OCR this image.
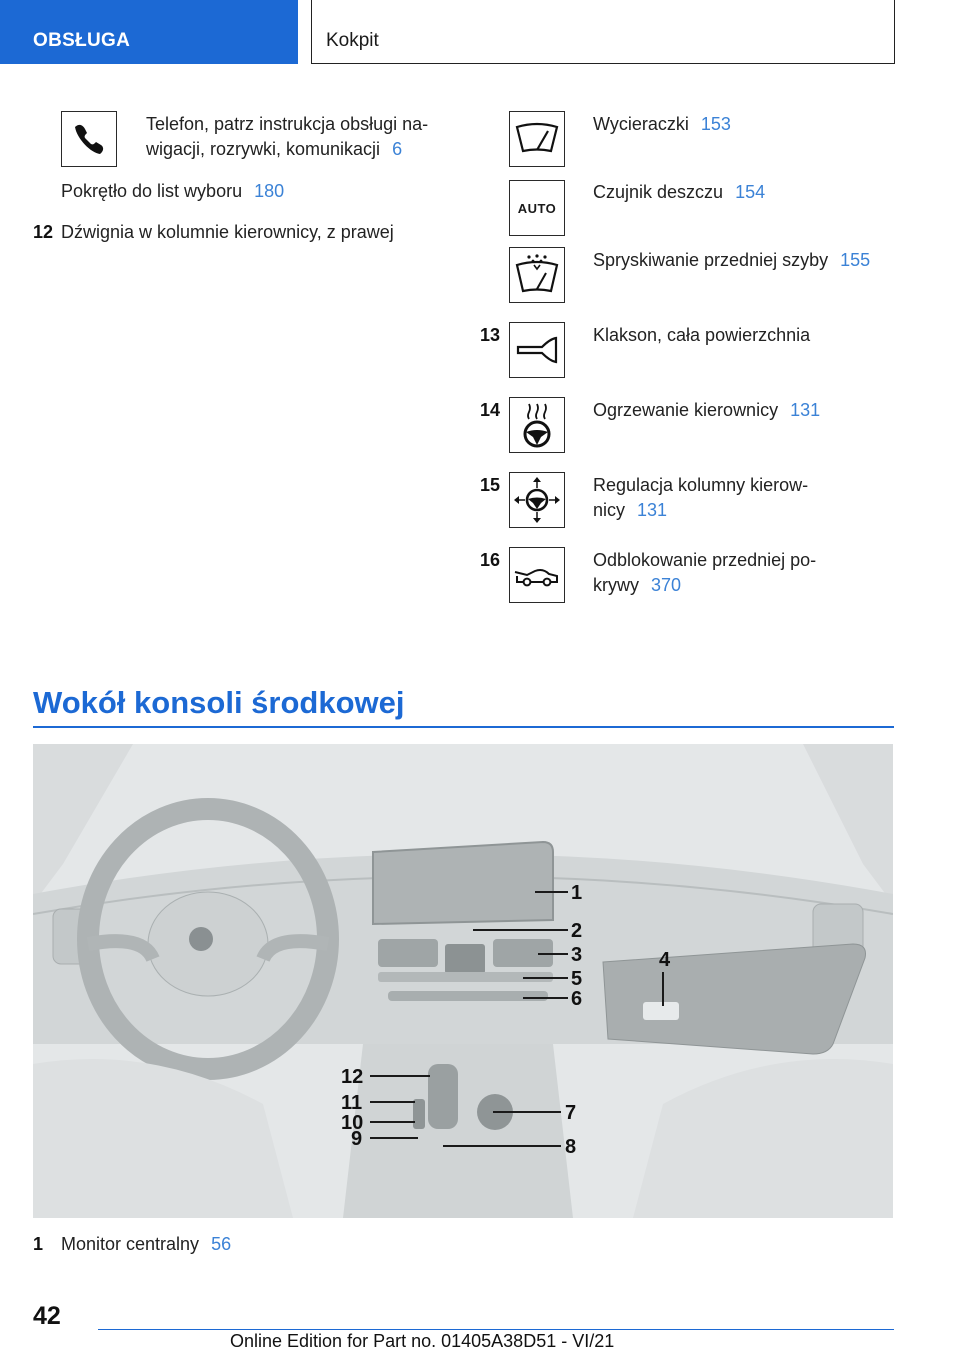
OBSŁUGA	Kokpit
Telefon, patrz instrukcja obsługi na-
wigacji, rozrywki, komunikacji 6
Pokrętło do list wyboru 180
12 Dźwignia w kolumnie kierownicy, z prawej
Wycieraczki 153
AUTO
Czujnik deszczu 154
Spryskiwanie przedniej szyby 155
13	Klakson, cała powierzchnia
14	Ogrzewanie kierownicy 131
15	Regulacja kolumny kierow-
nicy 131
16	Odblokowanie przedniej po-
krywy 370
Wokół konsoli środkowej
1
2
3	4
5
6
7
8
9
10
11
12
1 Monitor centralny 56
42
Online Edition for Part no. 01405A38D51 - VI/21
